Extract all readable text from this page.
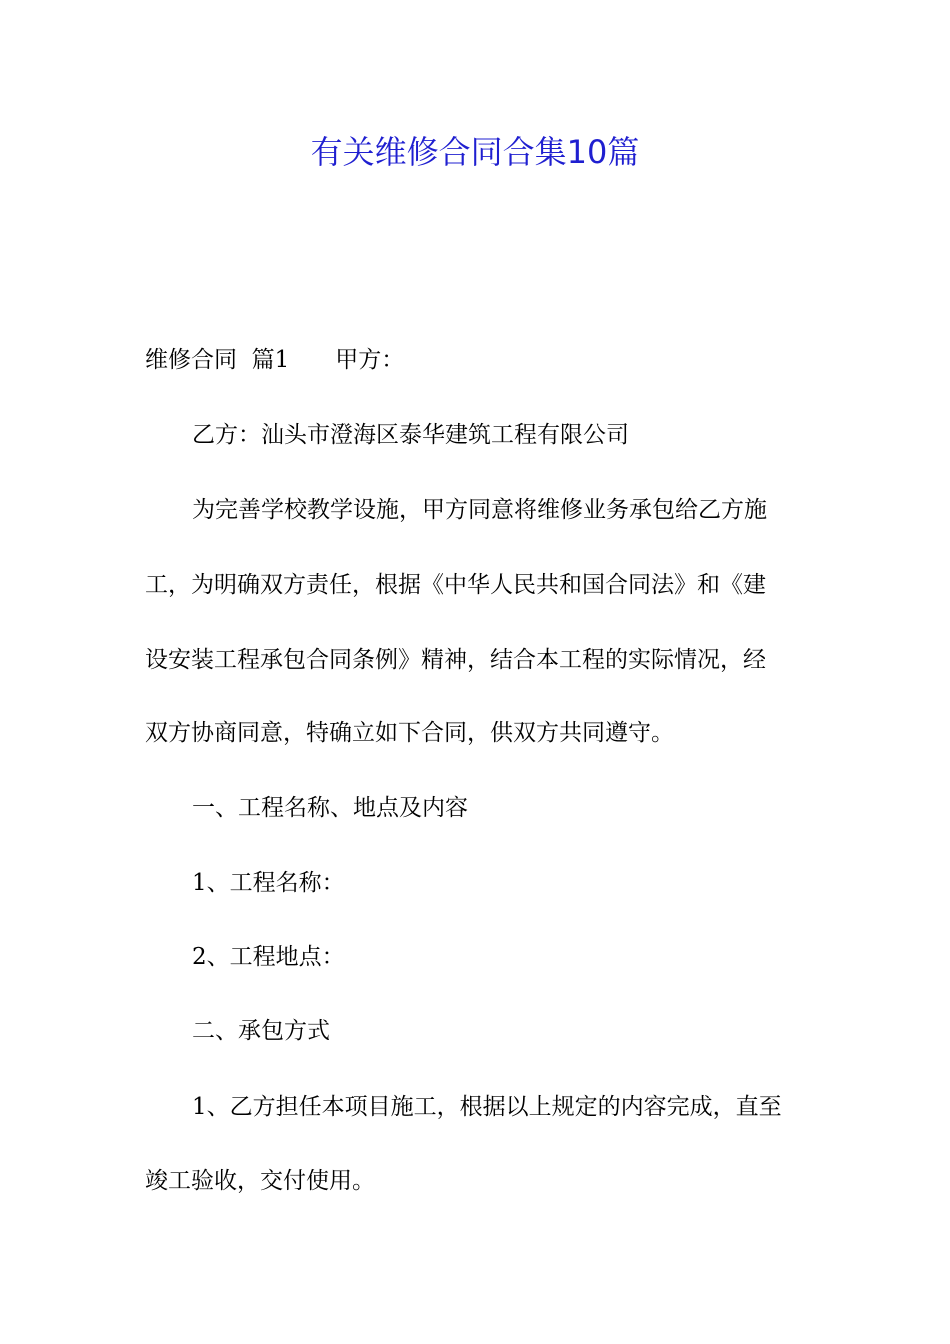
有关维修合同合集10篇

维修合同 篇1 甲方：

乙方：汕头市澄海区泰华建筑工程有限公司

为完善学校教学设施，甲方同意将维修业务承包给乙方施

工，为明确双方责任，根据《中华人民共和国合同法》和《建

设安装工程承包合同条例》精神，结合本工程的实际情况，经

双方协商同意，特确立如下合同，供双方共同遵守。

一、工程名称、地点及内容

1、工程名称：

2、工程地点：

二、承包方式

1、乙方担任本项目施工，根据以上规定的内容完成，直至

竣工验收，交付使用。
